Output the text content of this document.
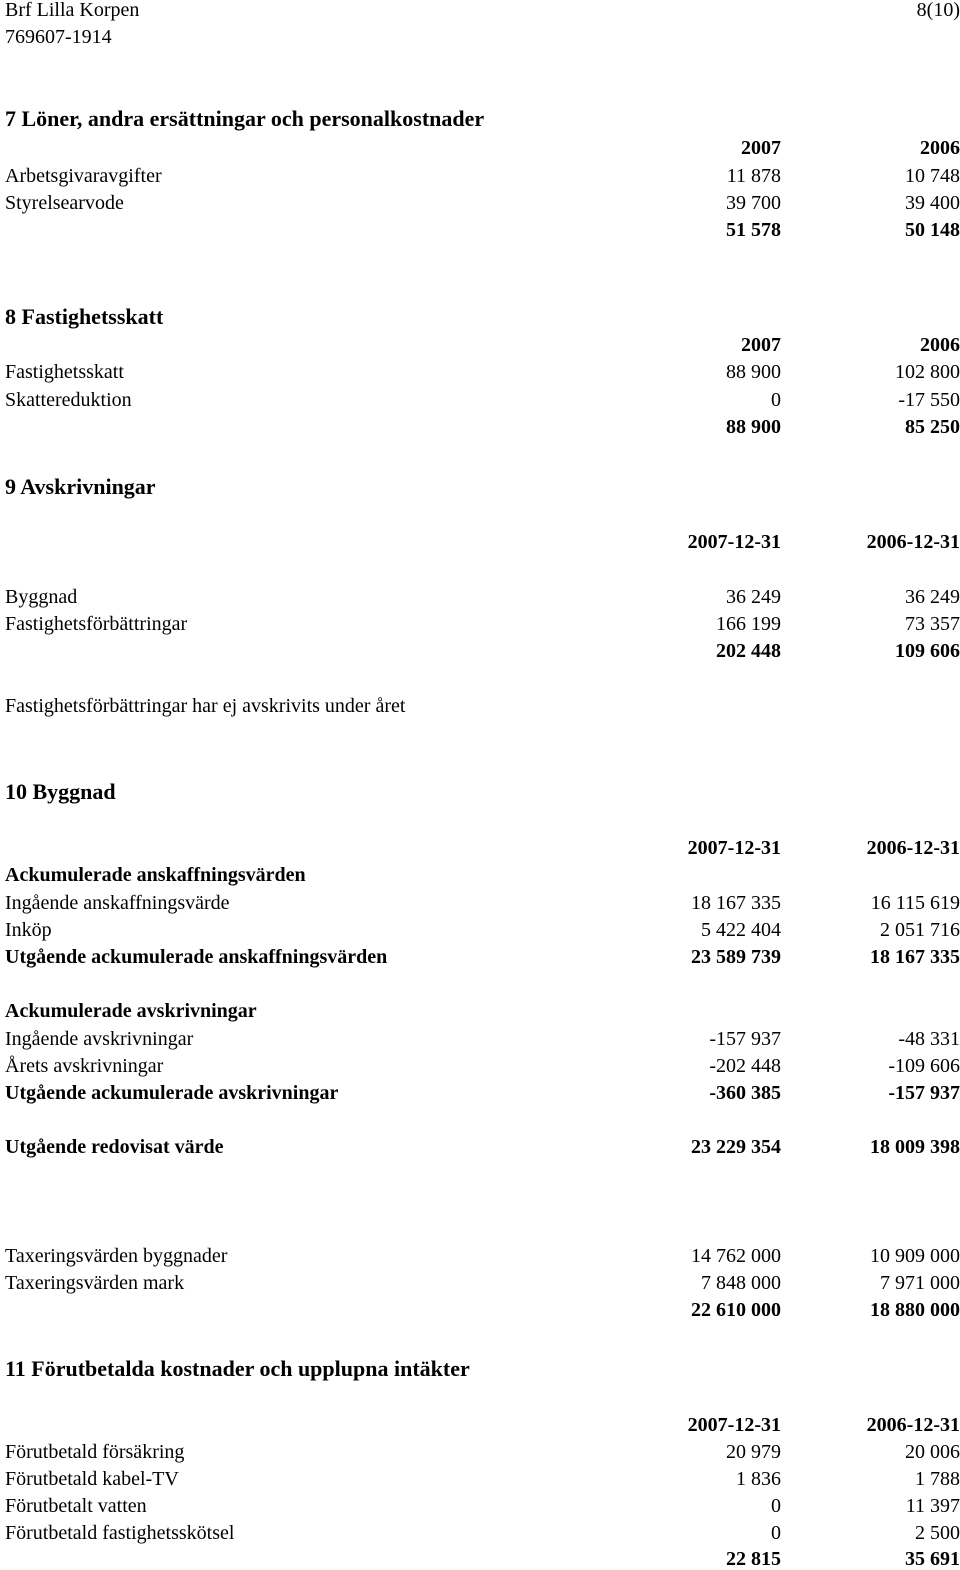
Brf Lilla Korpen
769607-1914
8(10)
7 Löner, andra ersättningar och personalkostnader
2007	2006
Arbetsgivaravgifter	11 878	10 748
Styrelsearvode	39 700	39 400
51 578	50 148
8 Fastighetsskatt
2007	2006
Fastighetsskatt	88 900	102 800
Skattereduktion	0	-17 550
88 900	85 250
9 Avskrivningar
2007-12-31	2006-12-31
Byggnad	36 249	36 249
Fastighetsförbättringar	166 199	73 357
202 448	109 606
Fastighetsförbättringar har ej avskrivits under året
10 Byggnad
2007-12-31	2006-12-31
Ackumulerade anskaffningsvärden
Ingående anskaffningsvärde	18 167 335	16 115 619
Inköp	5 422 404	2 051 716
Utgående ackumulerade anskaffningsvärden	23 589 739	18 167 335
Ackumulerade avskrivningar
Ingående avskrivningar	-157 937	-48 331
Årets avskrivningar	-202 448	-109 606
Utgående ackumulerade avskrivningar	-360 385	-157 937
Utgående redovisat värde	23 229 354	18 009 398
Taxeringsvärden byggnader	14 762 000	10 909 000
Taxeringsvärden mark	7 848 000	7 971 000
22 610 000	18 880 000
11 Förutbetalda kostnader och upplupna intäkter
2007-12-31	2006-12-31
Förutbetald försäkring	20 979	20 006
Förutbetald kabel-TV	1 836	1 788
Förutbetalt vatten	0	11 397
Förutbetald fastighetsskötsel	0	2 500
22 815	35 691
